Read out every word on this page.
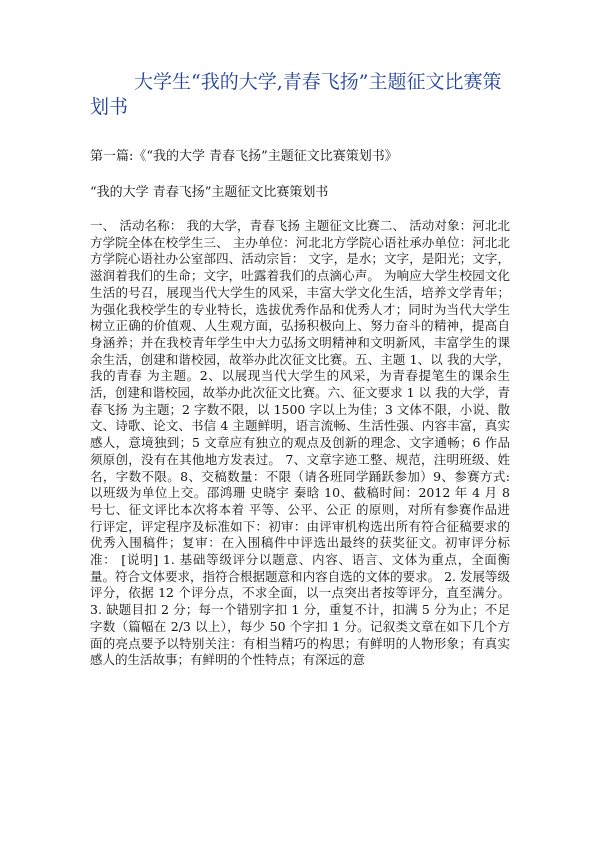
大学生“我的大学,青春飞扬”主题征文比赛策划书

第一篇:《“我的大学 青春飞扬”主题征文比赛策划书》

“我的大学 青春飞扬”主题征文比赛策划书

一、 活动名称： 我的大学，青春飞扬 主题征文比赛二、 活动对象：河北北方学院全体在校学生三、 主办单位：河北北方学院心语社承办单位：河北北方学院心语社办公室部四、活动宗旨： 文字，是水；文字，是阳光；文字，滋润着我们的生命；文字，吐露着我们的点滴心声。 为响应大学生校园文化生活的号召，展现当代大学生的风采，丰富大学文化生活，培养文学青年；为强化我校学生的专业特长，选拔优秀作品和优秀人才；同时为当代大学生树立正确的价值观、人生观方面，弘扬积极向上、努力奋斗的精神，提高自身涵养；并在我校青年学生中大力弘扬文明精神和文明新风，丰富学生的课余生活，创建和谐校园，故举办此次征文比赛。五、主题 1、以 我的大学，我的青春 为主题。2、以展现当代大学生的风采，为青春提笔生的课余生活，创建和谐校园，故举办此次征文比赛。六、征文要求 1 以 我的大学，青春飞扬 为主题；2 字数不限，以 1500 字以上为佳；3 文体不限，小说、散文、诗歌、论文、书信 4 主题鲜明，语言流畅、生活性强、内容丰富，真实感人，意境独到；5 文章应有独立的观点及创新的理念、文字通畅；6 作品须原创，没有在其他地方发表过。 7、文章字迹工整、规范，注明班级、姓名，字数不限。8、交稿数量：不限（请各班同学踊跃参加）9、参赛方式: 以班级为单位上交。邵鸿珊 史晓宇 秦晗 10、截稿时间：2012 年 4 月 8 号七、征文评比本次将本着 平等、公平、公正 的原则，对所有参赛作品进行评定，评定程序及标准如下：初审：由评审机构选出所有符合征稿要求的优秀入围稿件；复审：在入围稿件中评选出最终的获奖征文。初审评分标准： [说明] 1. 基础等级评分以题意、内容、语言、文体为重点，全面衡量。符合文体要求，指符合根据题意和内容自选的文体的要求。 2. 发展等级评分，依据 12 个评分点，不求全面，以一点突出者按等评分，直至满分。 3. 缺题目扣 2 分；每一个错别字扣 1 分，重复不计，扣满 5 分为止；不足字数（篇幅在 2/3 以上），每少 50 个字扣 1 分。记叙类文章在如下几个方面的亮点要予以特别关注：有相当精巧的构思；有鲜明的人物形象；有真实感人的生活故事；有鲜明的个性特点；有深远的意
